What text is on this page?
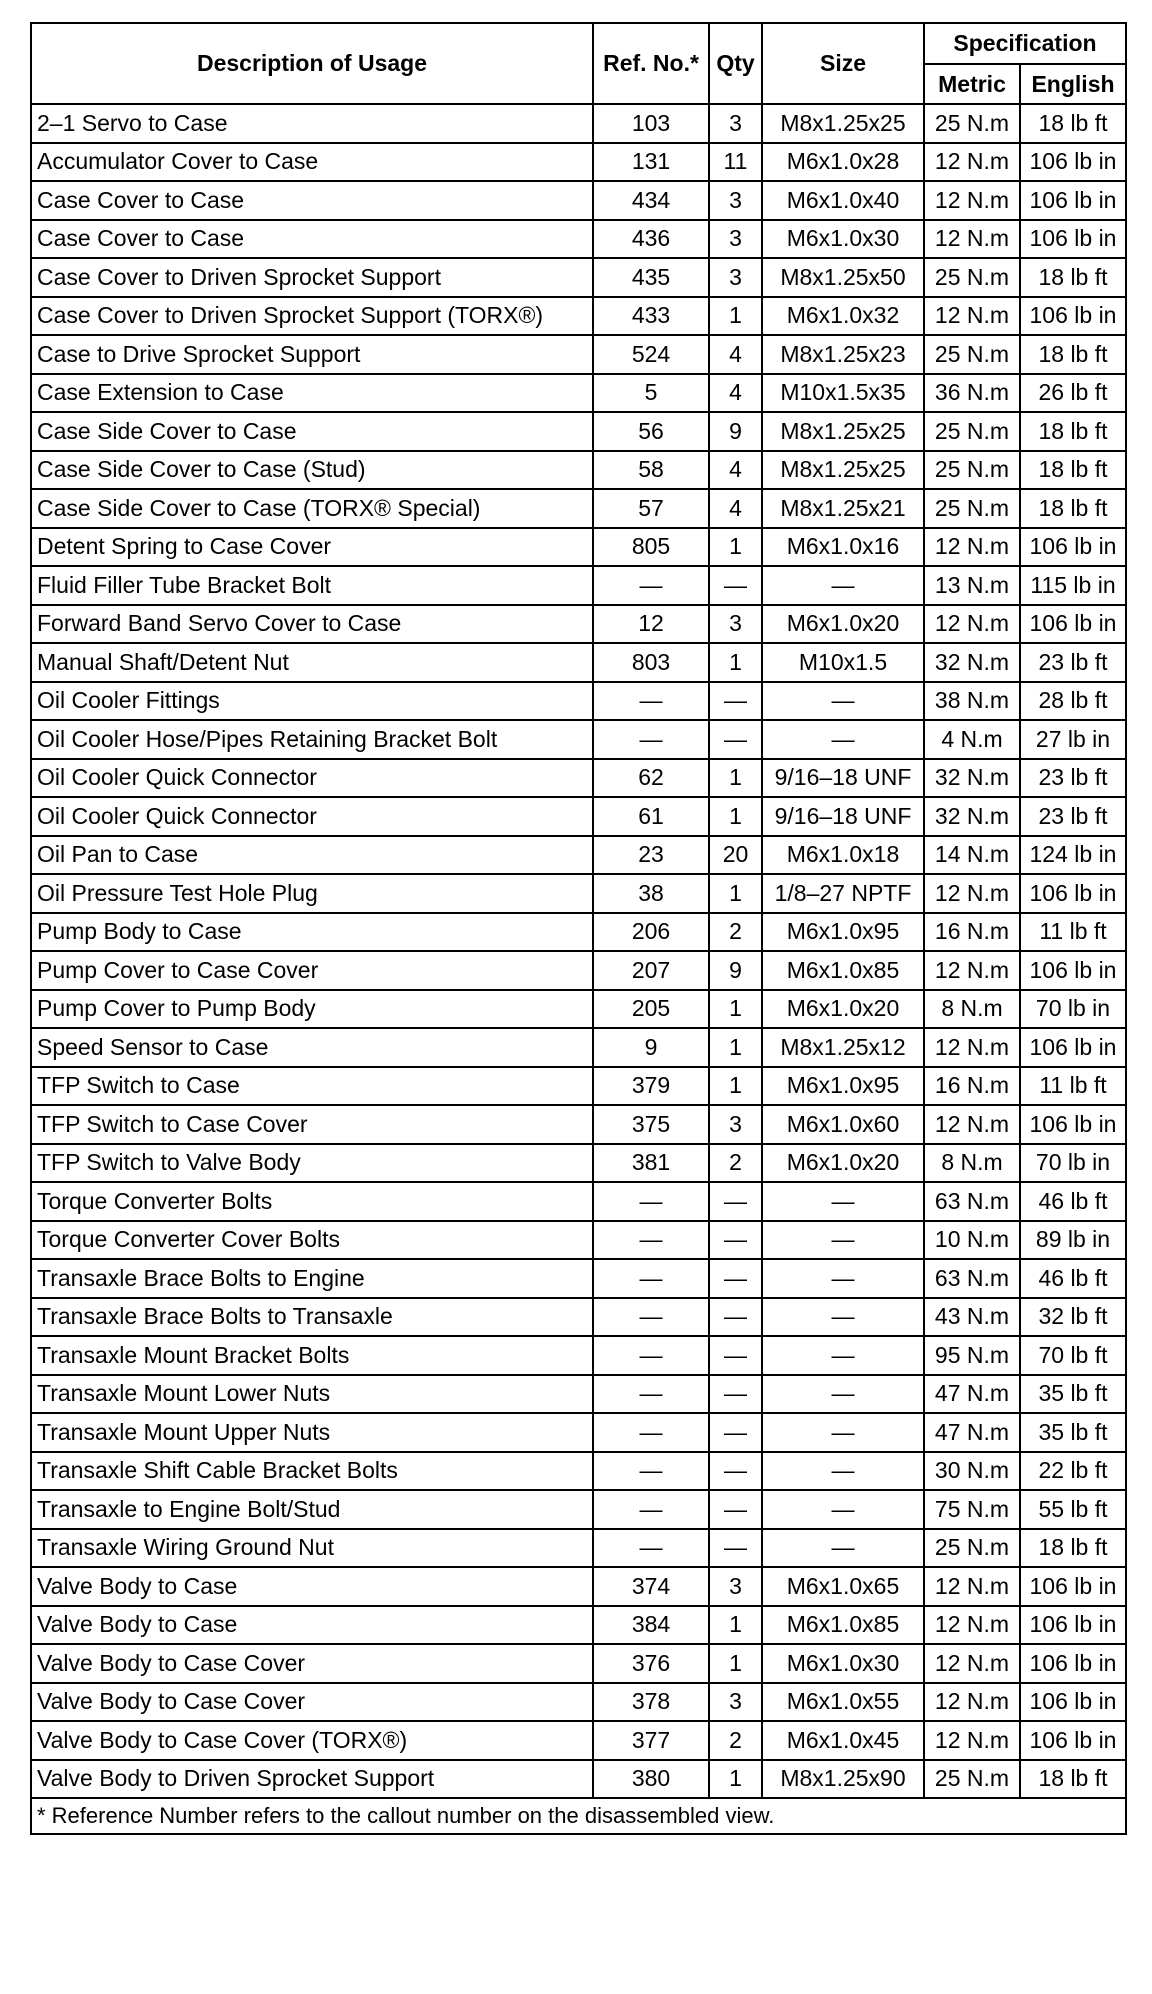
Description of Usage	Ref. No.*	Qty	Size	Specification	
				Metric	English
2–1 Servo to Case	103	3	M8x1.25x25	25 N.m	18 lb ft
Accumulator Cover to Case	131	11	M6x1.0x28	12 N.m	106 lb in
Case Cover to Case	434	3	M6x1.0x40	12 N.m	106 lb in
Case Cover to Case	436	3	M6x1.0x30	12 N.m	106 lb in
Case Cover to Driven Sprocket Support	435	3	M8x1.25x50	25 N.m	18 lb ft
Case Cover to Driven Sprocket Support (TORX®)	433	1	M6x1.0x32	12 N.m	106 lb in
Case to Drive Sprocket Support	524	4	M8x1.25x23	25 N.m	18 lb ft
Case Extension to Case	5	4	M10x1.5x35	36 N.m	26 lb ft
Case Side Cover to Case	56	9	M8x1.25x25	25 N.m	18 lb ft
Case Side Cover to Case (Stud)	58	4	M8x1.25x25	25 N.m	18 lb ft
Case Side Cover to Case (TORX® Special)	57	4	M8x1.25x21	25 N.m	18 lb ft
Detent Spring to Case Cover	805	1	M6x1.0x16	12 N.m	106 lb in
Fluid Filler Tube Bracket Bolt	—	—	—	13 N.m	115 lb in
Forward Band Servo Cover to Case	12	3	M6x1.0x20	12 N.m	106 lb in
Manual Shaft/Detent Nut	803	1	M10x1.5	32 N.m	23 lb ft
Oil Cooler Fittings	—	—	—	38 N.m	28 lb ft
Oil Cooler Hose/Pipes Retaining Bracket Bolt	—	—	—	4 N.m	27 lb in
Oil Cooler Quick Connector	62	1	9/16–18 UNF	32 N.m	23 lb ft
Oil Cooler Quick Connector	61	1	9/16–18 UNF	32 N.m	23 lb ft
Oil Pan to Case	23	20	M6x1.0x18	14 N.m	124 lb in
Oil Pressure Test Hole Plug	38	1	1/8–27 NPTF	12 N.m	106 lb in
Pump Body to Case	206	2	M6x1.0x95	16 N.m	11 lb ft
Pump Cover to Case Cover	207	9	M6x1.0x85	12 N.m	106 lb in
Pump Cover to Pump Body	205	1	M6x1.0x20	8 N.m	70 lb in
Speed Sensor to Case	9	1	M8x1.25x12	12 N.m	106 lb in
TFP Switch to Case	379	1	M6x1.0x95	16 N.m	11 lb ft
TFP Switch to Case Cover	375	3	M6x1.0x60	12 N.m	106 lb in
TFP Switch to Valve Body	381	2	M6x1.0x20	8 N.m	70 lb in
Torque Converter Bolts	—	—	—	63 N.m	46 lb ft
Torque Converter Cover Bolts	—	—	—	10 N.m	89 lb in
Transaxle Brace Bolts to Engine	—	—	—	63 N.m	46 lb ft
Transaxle Brace Bolts to Transaxle	—	—	—	43 N.m	32 lb ft
Transaxle Mount Bracket Bolts	—	—	—	95 N.m	70 lb ft
Transaxle Mount Lower Nuts	—	—	—	47 N.m	35 lb ft
Transaxle Mount Upper Nuts	—	—	—	47 N.m	35 lb ft
Transaxle Shift Cable Bracket Bolts	—	—	—	30 N.m	22 lb ft
Transaxle to Engine Bolt/Stud	—	—	—	75 N.m	55 lb ft
Transaxle Wiring Ground Nut	—	—	—	25 N.m	18 lb ft
Valve Body to Case	374	3	M6x1.0x65	12 N.m	106 lb in
Valve Body to Case	384	1	M6x1.0x85	12 N.m	106 lb in
Valve Body to Case Cover	376	1	M6x1.0x30	12 N.m	106 lb in
Valve Body to Case Cover	378	3	M6x1.0x55	12 N.m	106 lb in
Valve Body to Case Cover (TORX®)	377	2	M6x1.0x45	12 N.m	106 lb in
Valve Body to Driven Sprocket Support	380	1	M8x1.25x90	25 N.m	18 lb ft
* Reference Number refers to the callout number on the disassembled view.					
